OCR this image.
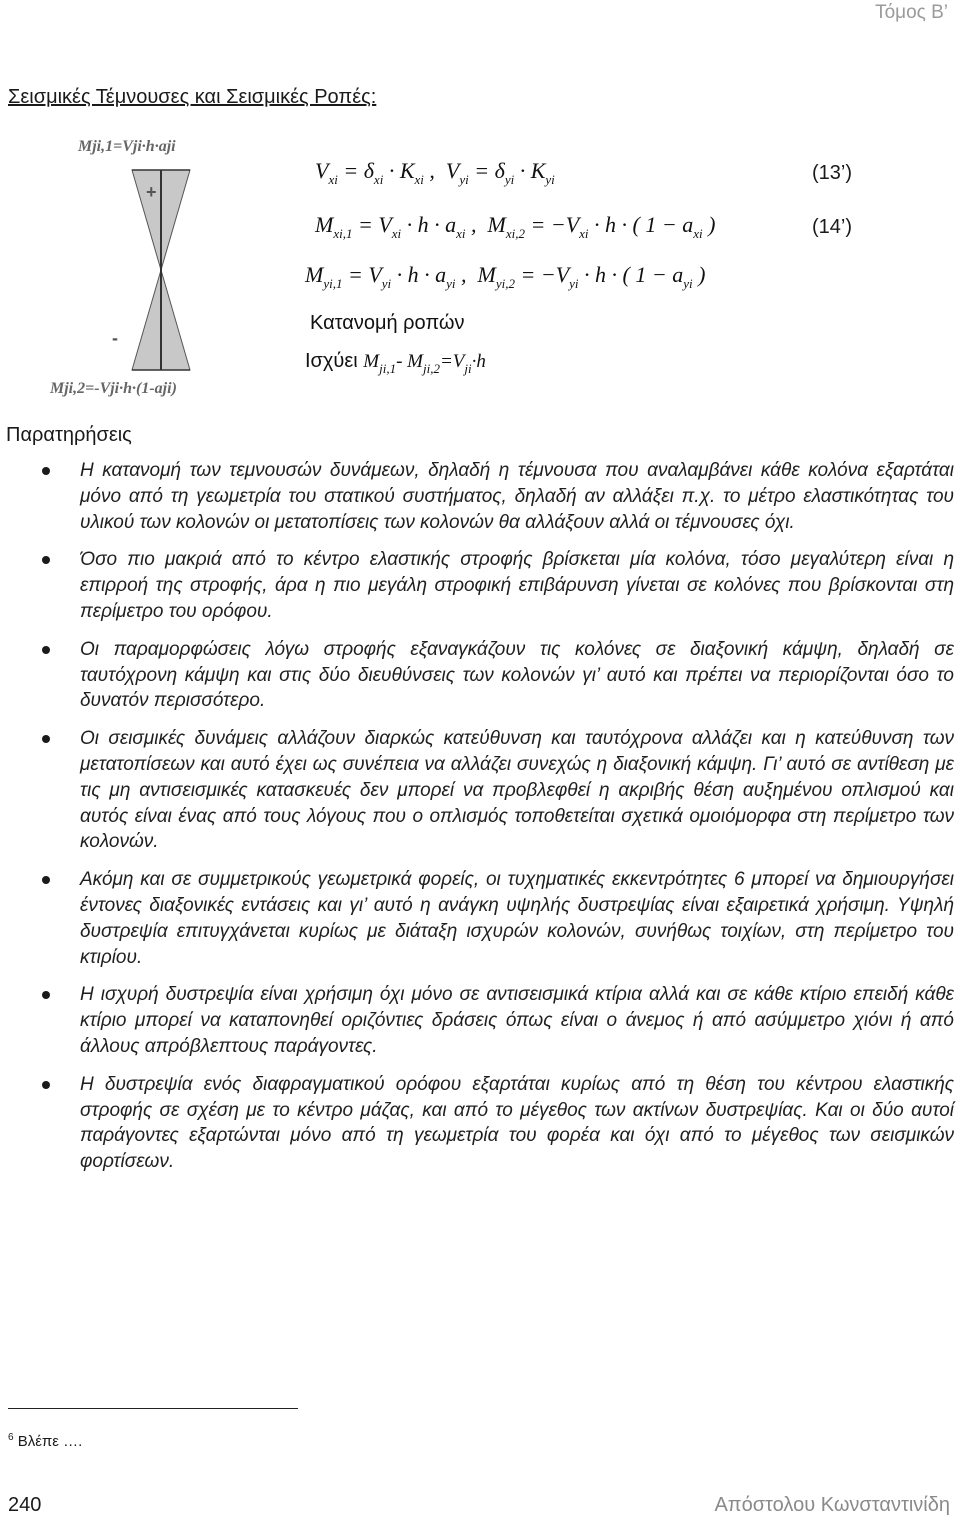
Τόμος Β’
Σεισμικές Τέμνουσες και Σεισμικές Ροπές:
Mji,1=Vji·h·aji
+
-
Mji,2=-Vji·h·(1-aji)
$V_{xi} = \delta_{xi} \cdot K_{xi}$ ,  $V_{yi} = \delta_{yi} \cdot K_{yi}$	(13’)
$M_{xi,1} = V_{xi} \cdot h \cdot a_{xi}$ ,  $M_{xi,2} = -V_{xi} \cdot h$ · ( $1 - a_{xi}$ )	(14’)
$M_{yi,1} = V_{yi} \cdot h \cdot a_{yi}$ ,  $M_{yi,2} = -V_{yi} \cdot h$ · ( $1 - a_{yi}$ )
Κατανομή ροπών
Ισχύει $M_{ji,1}-$ $M_{ji,2}=V_{ji}\cdot h$
Παρατηρήσεις
Η κατανομή των τεμνουσών δυνάμεων, δηλαδή η τέμνουσα που αναλαμβάνει κάθε κολόνα εξαρτάται μόνο από τη γεωμετρία του στατικού συστήματος, δηλαδή αν αλλάξει π.χ. το μέτρο ελαστικότητας του υλικού των κολονών οι μετατοπίσεις των κολονών θα αλλάξουν αλλά οι τέμνουσες όχι.
Όσο πιο μακριά από το κέντρο ελαστικής στροφής βρίσκεται μία κολόνα, τόσο μεγαλύτερη είναι η επιρροή της στροφής, άρα η πιο μεγάλη στροφική επιβάρυνση γίνεται σε κολόνες που βρίσκονται στη περίμετρο του ορόφου.
Οι παραμορφώσεις λόγω στροφής εξαναγκάζουν τις κολόνες σε διαξονική κάμψη, δηλαδή σε ταυτόχρονη κάμψη και στις δύο διευθύνσεις των κολονών γι’ αυτό και πρέπει να περιορίζονται όσο το δυνατόν περισσότερο.
Οι σεισμικές δυνάμεις αλλάζουν διαρκώς κατεύθυνση και ταυτόχρονα αλλάζει και η κατεύθυνση των μετατοπίσεων και αυτό έχει ως συνέπεια να αλλάζει συνεχώς η διαξονική κάμψη. Γι’ αυτό σε αντίθεση με τις μη αντισεισμικές κατασκευές δεν μπορεί να προβλεφθεί η ακριβής θέση αυξημένου οπλισμού και αυτός είναι ένας από τους λόγους που ο οπλισμός τοποθετείται σχετικά ομοιόμορφα στη περίμετρο των κολονών.
Ακόμη και σε συμμετρικούς γεωμετρικά φορείς, οι τυχηματικές εκκεντρότητες 6 μπορεί να δημιουργήσει έντονες διαξονικές εντάσεις και γι’ αυτό η ανάγκη υψηλής δυστρεψίας είναι εξαιρετικά χρήσιμη. Υψηλή δυστρεψία επιτυγχάνεται κυρίως με διάταξη ισχυρών κολονών, συνήθως τοιχίων, στη περίμετρο του κτιρίου.
Η ισχυρή δυστρεψία είναι χρήσιμη όχι μόνο σε αντισεισμικά κτίρια αλλά και σε κάθε κτίριο επειδή κάθε κτίριο μπορεί να καταπονηθεί οριζόντιες δράσεις όπως είναι ο άνεμος ή από ασύμμετρο χιόνι ή από άλλους απρόβλεπτους παράγοντες.
Η δυστρεψία ενός διαφραγματικού ορόφου εξαρτάται κυρίως από τη θέση του κέντρου ελαστικής στροφής σε σχέση με το κέντρο μάζας, και από το μέγεθος των ακτίνων δυστρεψίας. Και οι δύο αυτοί παράγοντες εξαρτώνται μόνο από τη γεωμετρία του φορέα και όχι από το μέγεθος των σεισμικών φορτίσεων.
$^6$ Βλέπε ….
240	Απόστολου Κωνσταντινίδη
